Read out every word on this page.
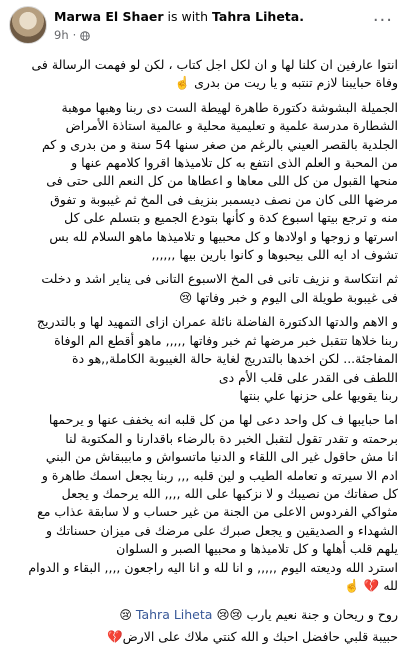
Marwa El Shaer is with Tahra Liheta.
9h ·
···

انتوا عارفين ان كلنا لها و ان لكل اجل كتاب ، لكن لو فهمت الرسالة فى
وفاة حبايبنا لازم تنتبه و يا ريت من بدرى ☝️

الجميلة البشوشة دكتورة طاهرة لهيطة الست دى ربنا وهبها موهبة
الشطارة مدرسة علمية و تعليمية محلية و عالمية استاذة الأمراض
الجلدية بالقصر العيني بالرغم من صغر سنها 54 سنة و من بدرى و كم
من المحبة و العلم الذى انتفع به كل تلاميذها اقروا كلامهم عنها و
منحها القبول من كل اللى معاها و اعطاها من كل النعم اللى حتى فى
مرضها اللى كان من نصف ديسمبر بنزيف فى المخ ثم غيبوبة و تفوق
منه و ترجع بيتها اسبوع كدة و كأنها بتودع الجميع و بتسلم على كل
اسرتها و زوجها و اولادها و كل محبيها و تلاميذها ماهو السلام لله بس
تشوف اد ايه اللى بيحبوها و كانوا بارين بيها ,,,,,,

ثم انتكاسة و نزيف تانى فى المخ الاسبوع التانى فى يناير اشد و دخلت
فى غيبوبة طويلة الى اليوم و خبر وفاتها 😢

و الاهم والدتها الدكتورة الفاضلة نائلة عمران ازاى التمهيد لها و بالتدريج
ربنا خلاها تتقبل خبر مرضها ثم خبر وفاتها ,,,,, ماهو أقطع الم الوفاة
المفاجئة... لكن اخدها بالتدريج لغاية حالة الغيبوبة الكاملة,,هو دة
اللطف فى القدر على قلب الأم دى
ربنا يقويها على حزنها علي بنتها

اما حبايبها ف كل واحد دعى لها من كل قلبه انه يخفف عنها و يرحمها
برحمته و تقدر تقول لتقبل الخبر دة بالرضاء باقدارنا و المكتوبة لنا
انا مش حاقول غير الى اللقاء و الدنيا ماتسواش و مابيبقاش من البني
ادم الا سيرته و تعامله الطيب و لين قلبه ,,, ربنا يجعل اسمك طاهرة و
كل صفاتك من نصيبك و لا نزكيها على الله ,,,, الله يرحمك و يجعل
مثواكي الفردوس الاعلى من الجنة من غير حساب و لا سابقة عذاب مع
الشهداء و الصديقين و يجعل صبرك على مرضك فى ميزان حسناتك و
يلهم قلب أهلها و كل تلاميذها و محبيها الصبر و السلوان
استرد الله وديعته اليوم ,,,,, و انا لله و انا اليه راجعون ,,,, البقاء و الدوام
لله 💔 ☝️

روح و ريحان و جنة نعيم يارب 😢😢 Tahra Liheta 😢
حبيبة قلبي حافضل احبك و الله كنتي ملاك على الارض💔
